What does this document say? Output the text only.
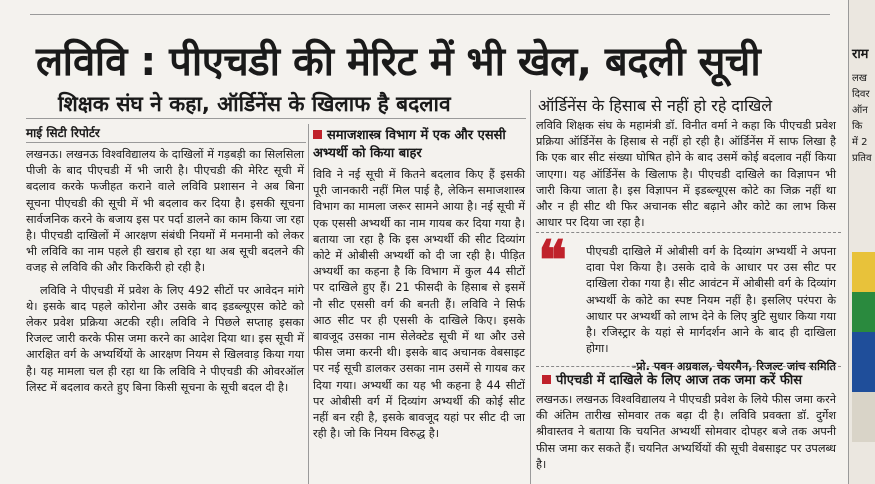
लविवि : पीएचडी की मेरिट में भी खेल, बदली सूची
शिक्षक संघ ने कहा, ऑर्डिनेंस के खिलाफ है बदलाव	ऑर्डिनेंस के हिसाब से नहीं हो रहे दाखिले
माई सिटी रिपोर्टर

लखनऊ। लखनऊ विश्वविद्यालय के दाखिलों में गड़बड़ी का सिलसिला पीजी के बाद पीएचडी में भी जारी है। पीएचडी की मेरिट सूची में बदलाव करके फजीहत कराने वाले लविवि प्रशासन ने अब बिना सूचना पीएचडी की सूची में भी बदलाव कर दिया है। इसकी सूचना सार्वजनिक करने के बजाय इस पर पर्दा डालने का काम किया जा रहा है। पीएचडी दाखिलों में आरक्षण संबंधी नियमों में मनमानी को लेकर भी लविवि का नाम पहले ही खराब हो रहा था अब सूची बदलने की वजह से लविवि की और किरकिरी हो रही है।

लविवि ने पीएचडी में प्रवेश के लिए 492 सीटों पर आवेदन मांगे थे। इसके बाद पहले कोरोना और उसके बाद इडब्ल्यूएस कोटे को लेकर प्रवेश प्रक्रिया अटकी रही। लविवि ने पिछले सप्ताह इसका रिजल्ट जारी करके फीस जमा करने का आदेश दिया था। इस सूची में आरक्षित वर्ग के अभ्यर्थियों के आरक्षण नियम से खिलवाड़ किया गया है। यह मामला चल ही रहा था कि लविवि ने पीएचडी की ओवरऑल लिस्ट में बदलाव करते हुए बिना किसी सूचना के सूची बदल दी है।

समाजशास्त्र विभाग में एक और एससी अभ्यर्थी को किया बाहर

विवि ने नई सूची में कितने बदलाव किए हैं इसकी पूरी जानकारी नहीं मिल पाई है, लेकिन समाजशास्त्र विभाग का मामला जरूर सामने आया है। नई सूची में एक एससी अभ्यर्थी का नाम गायब कर दिया गया है। बताया जा रहा है कि इस अभ्यर्थी की सीट दिव्यांग कोटे में ओबीसी अभ्यर्थी को दी जा रही है। पीड़ित अभ्यर्थी का कहना है कि विभाग में कुल 44 सीटों पर दाखिले हुए हैं। 21 फीसदी के हिसाब से इसमें नौ सीट एससी वर्ग की बनती हैं। लविवि ने सिर्फ आठ सीट पर ही एससी के दाखिले किए। इसके बावजूद उसका नाम सेलेक्टेड सूची में था और उसे फीस जमा करनी थी। इसके बाद अचानक वेबसाइट पर नई सूची डालकर उसका नाम उसमें से गायब कर दिया गया। अभ्यर्थी का यह भी कहना है 44 सीटों पर ओबीसी वर्ग में दिव्यांग अभ्यर्थी की कोई सीट नहीं बन रही है, इसके बावजूद यहां पर सीट दी जा रही है। जो कि नियम विरुद्ध है।

लविवि शिक्षक संघ के महामंत्री डॉ. विनीत वर्मा ने कहा कि पीएचडी प्रवेश प्रक्रिया ऑर्डिनेंस के हिसाब से नहीं हो रही है। ऑर्डिनेंस में साफ लिखा है कि एक बार सीट संख्या घोषित होने के बाद उसमें कोई बदलाव नहीं किया जाएगा। यह ऑर्डिनेंस के खिलाफ है। पीएचडी दाखिले का विज्ञापन भी जारी किया जाता है। इस विज्ञापन में इडब्ल्यूएस कोटे का जिक्र नहीं था और न ही सीट थी फिर अचानक सीट बढ़ाने और कोटे का लाभ किस आधार पर दिया जा रहा है।

❝ पीएचडी दाखिले में ओबीसी वर्ग के दिव्यांग अभ्यर्थी ने अपना दावा पेश किया है। उसके दावे के आधार पर उस सीट पर दाखिला रोका गया है। सीट आवंटन में ओबीसी वर्ग के दिव्यांग अभ्यर्थी के कोटे का स्पष्ट नियम नहीं है। इसलिए परंपरा के आधार पर अभ्यर्थी को लाभ देने के लिए त्रुटि सुधार किया गया है। रजिस्ट्रार के यहां से मार्गदर्शन आने के बाद ही दाखिला होगा।

-प्रो. पवन अग्रवाल, चेयरमैन, रिजल्ट जांच समिति
पीएचडी में दाखिले के लिए आज तक जमा करें फीस

लखनऊ। लखनऊ विश्वविद्यालय ने पीएचडी प्रवेश के लिये फीस जमा करने की अंतिम तारीख सोमवार तक बढ़ा दी है। लविवि प्रवक्ता डॉ. दुर्गेश श्रीवास्तव ने बताया कि चयनित अभ्यर्थी सोमवार दोपहर बजे तक अपनी फीस जमा कर सकते हैं। चयनित अभ्यर्थियों की सूची वेबसाइट पर उपलब्ध है।

राम
लख
दिवर
ऑन
कि
में 2
प्रतिव
